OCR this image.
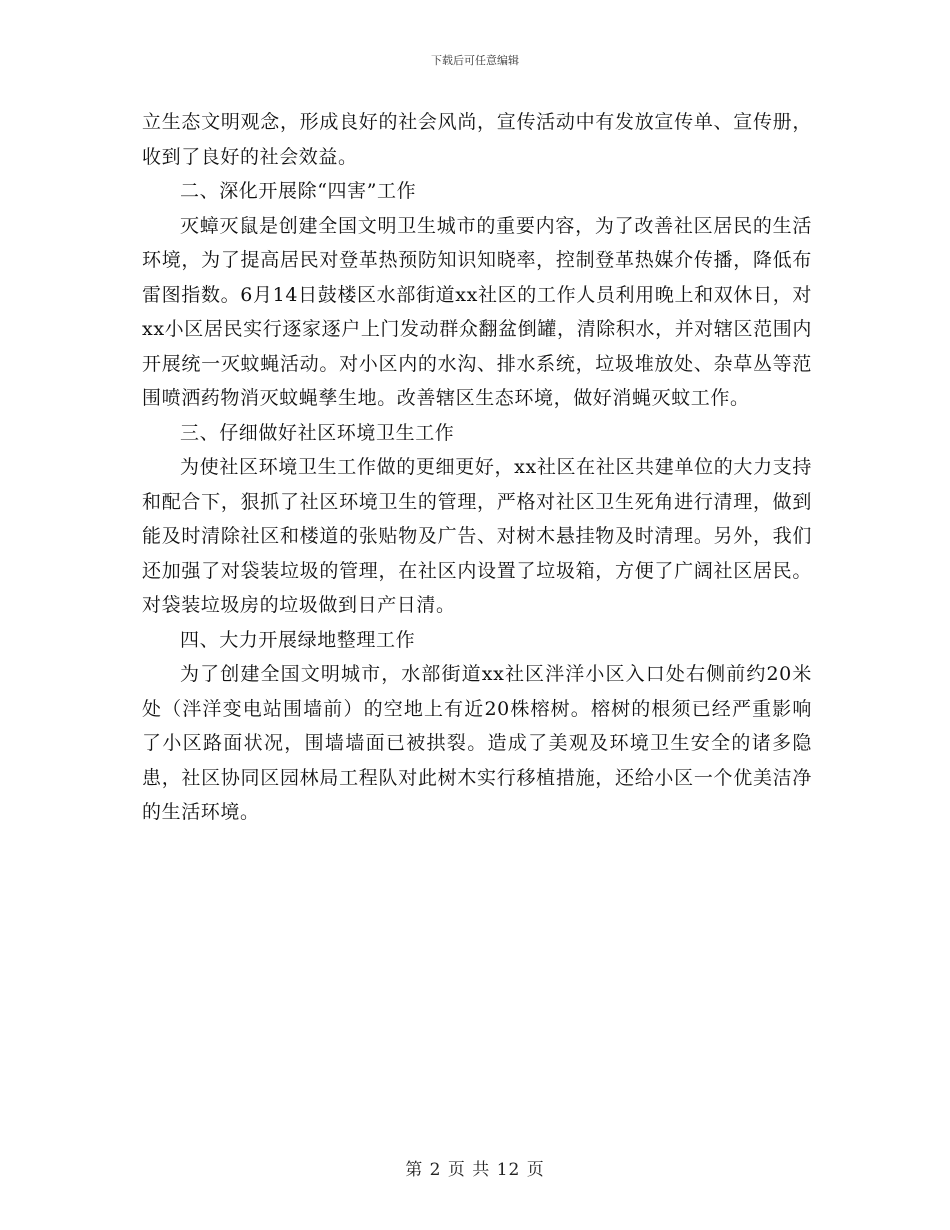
下载后可任意编辑

立生态文明观念，形成良好的社会风尚，宣传活动中有发放宣传单、宣传册，收到了良好的社会效益。

二、深化开展除“四害”工作

灭蟑灭鼠是创建全国文明卫生城市的重要内容，为了改善社区居民的生活环境，为了提高居民对登革热预防知识知晓率，控制登革热媒介传播，降低布雷图指数。6月14日鼓楼区水部街道xx社区的工作人员利用晚上和双休日，对xx小区居民实行逐家逐户上门发动群众翻盆倒罐，清除积水，并对辖区范围内开展统一灭蚊蝇活动。对小区内的水沟、排水系统，垃圾堆放处、杂草丛等范围喷洒药物消灭蚊蝇孳生地。改善辖区生态环境，做好消蝇灭蚊工作。

三、仔细做好社区环境卫生工作

为使社区环境卫生工作做的更细更好，xx社区在社区共建单位的大力支持和配合下，狠抓了社区环境卫生的管理，严格对社区卫生死角进行清理，做到能及时清除社区和楼道的张贴物及广告、对树木悬挂物及时清理。另外，我们还加强了对袋装垃圾的管理，在社区内设置了垃圾箱，方便了广阔社区居民。对袋装垃圾房的垃圾做到日产日清。

四、大力开展绿地整理工作

为了创建全国文明城市，水部街道xx社区泮洋小区入口处右侧前约20米处（泮洋变电站围墙前）的空地上有近20株榕树。榕树的根须已经严重影响了小区路面状况，围墙墙面已被拱裂。造成了美观及环境卫生安全的诸多隐患，社区协同区园林局工程队对此树木实行移植措施，还给小区一个优美洁净的生活环境。

第 2 页 共 12 页
